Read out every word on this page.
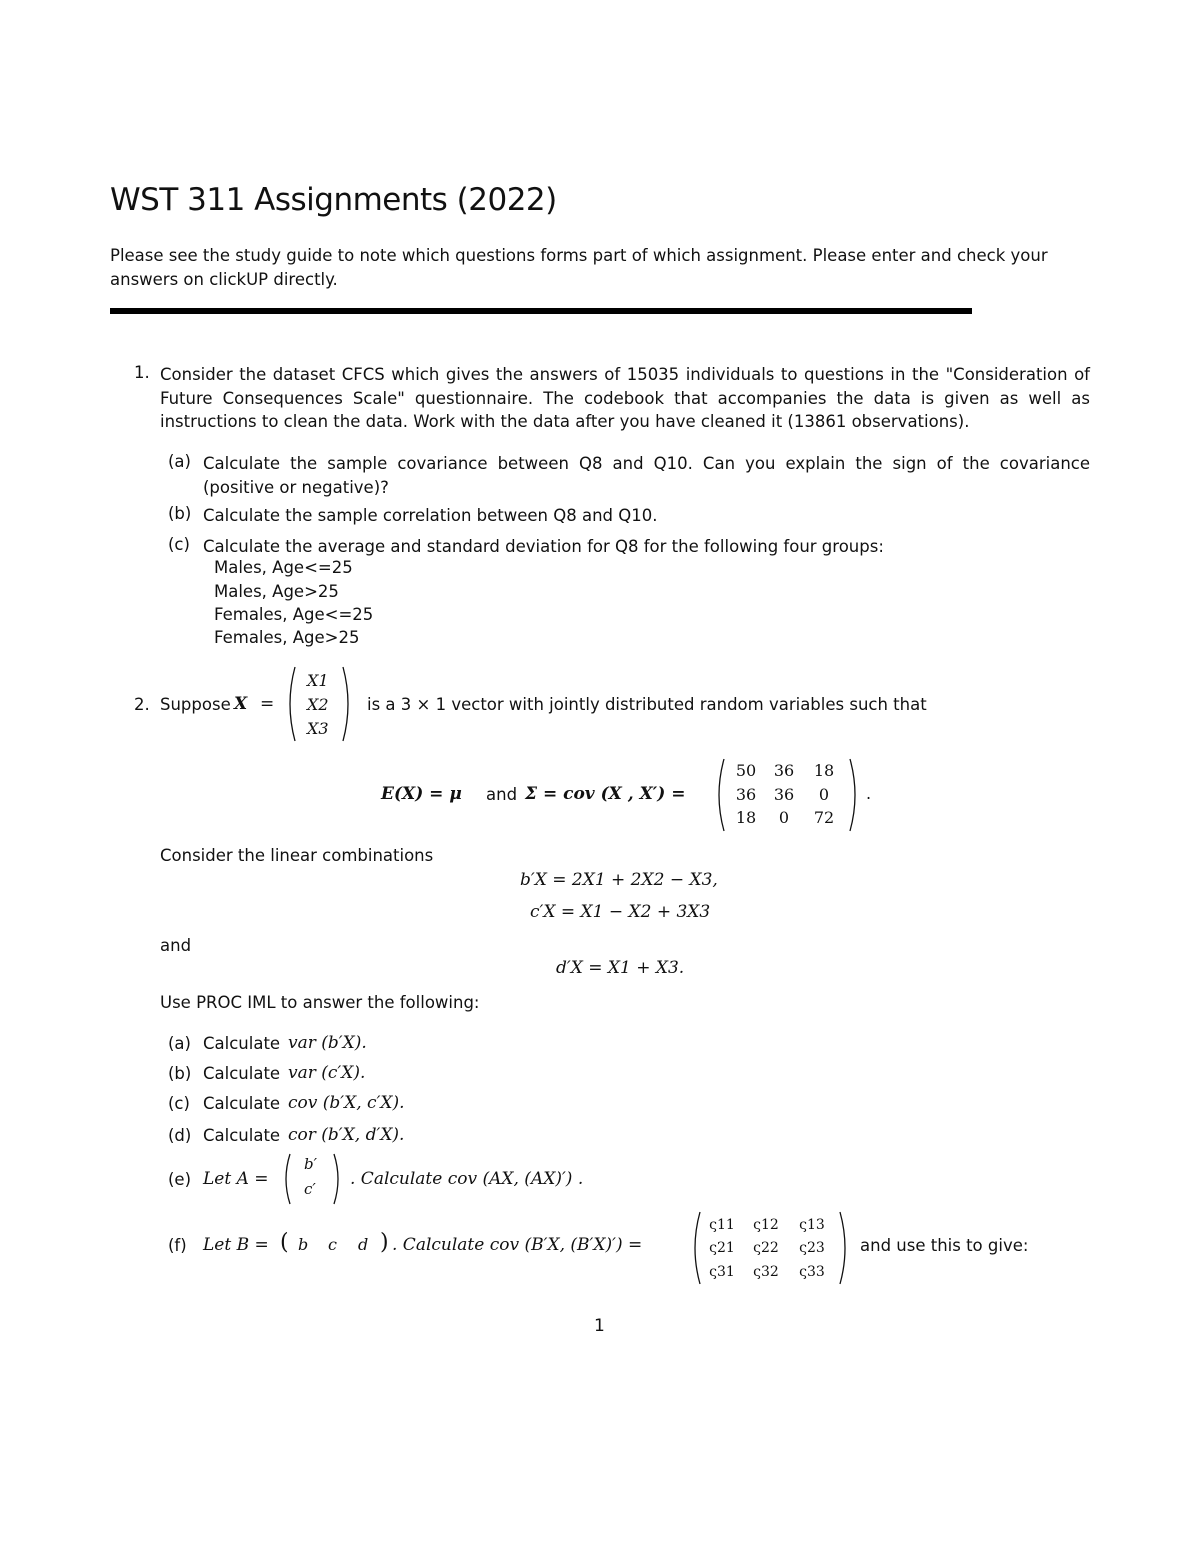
WST 311 Assignments (2022)
Please see the study guide to note which questions forms part of which assignment. Please enter and check your answers on clickUP directly.
1. Consider the dataset CFCS which gives the answers of 15035 individuals to questions in the "Consideration of Future Consequences Scale" questionnaire. The codebook that accompanies the data is given as well as instructions to clean the data. Work with the data after you have cleaned it (13861 observations).
(a) Calculate the sample covariance between Q8 and Q10. Can you explain the sign of the covariance (positive or negative)?
(b) Calculate the sample correlation between Q8 and Q10.
(c) Calculate the average and standard deviation for Q8 for the following four groups:
Males, Age<=25
Males, Age>25
Females, Age<=25
Females, Age>25
2. Suppose X =
X1
X2
X3
is a 3 × 1 vector with jointly distributed random variables such that
E(X) = μ and Σ = cov (X , X′) =
50	36	18
36	36	0
18	0	72
.
Consider the linear combinations
b′X = 2X1 + 2X2 − X3,
c′X = X1 − X2 + 3X3
and
d′X = X1 + X3.
Use PROC IML to answer the following:
(a) Calculate var (b′X).
(b) Calculate var (c′X).
(c) Calculate cov (b′X, c′X).
(d) Calculate cor (b′X, d′X).
(e) Let A =
b′
c′ . Calculate cov (AX, (AX)′) .
(f) Let B = ( b c d ) . Calculate cov (B′X, (B′X)′) =
ς11	ς12	ς13
ς21	ς22	ς23
ς31	ς32	ς33
and use this to give:
1
